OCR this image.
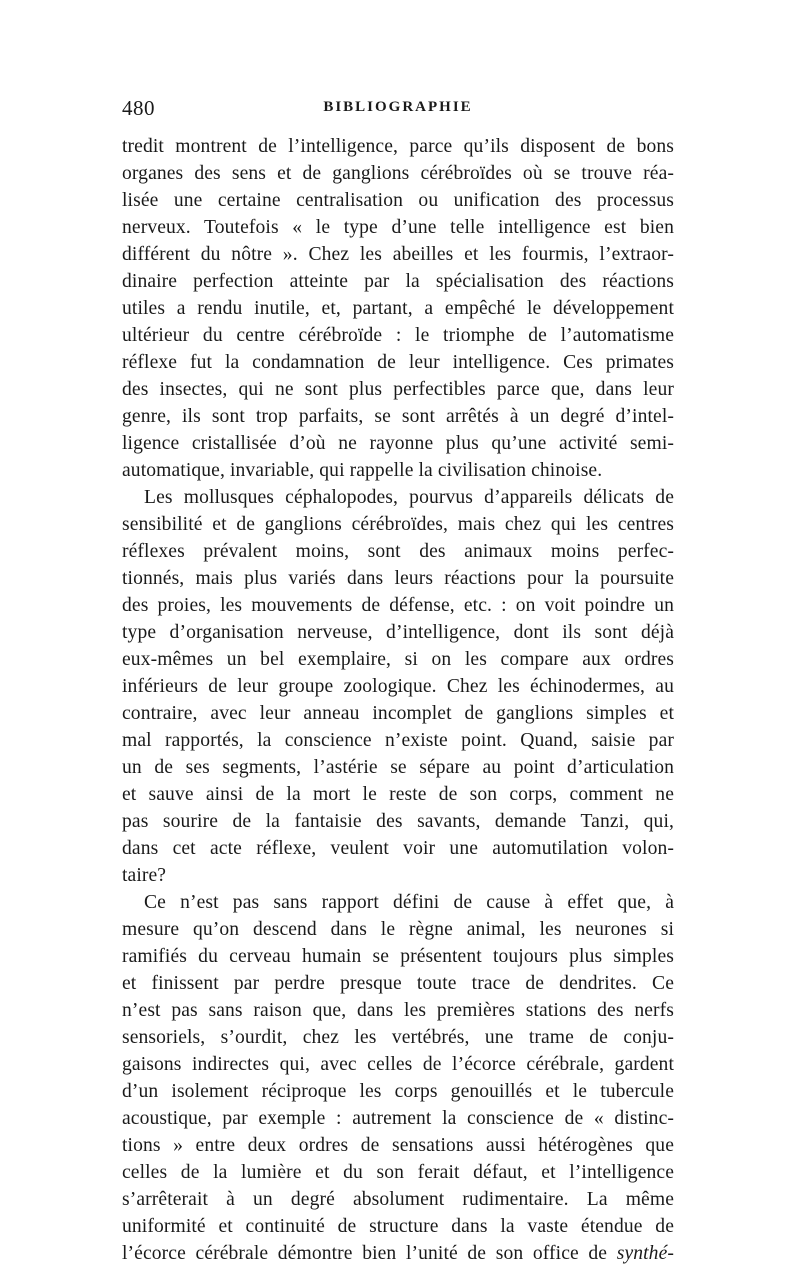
480	BIBLIOGRAPHIE
tredit montrent de l’intelligence, parce qu’ils disposent de bons
organes des sens et de ganglions cérébroïdes où se trouve réa-
lisée une certaine centralisation ou unification des processus
nerveux. Toutefois « le type d’une telle intelligence est bien
différent du nôtre ». Chez les abeilles et les fourmis, l’extraor-
dinaire perfection atteinte par la spécialisation des réactions
utiles a rendu inutile, et, partant, a empêché le développement
ultérieur du centre cérébroïde : le triomphe de l’automatisme
réflexe fut la condamnation de leur intelligence. Ces primates
des insectes, qui ne sont plus perfectibles parce que, dans leur
genre, ils sont trop parfaits, se sont arrêtés à un degré d’intel-
ligence cristallisée d’où ne rayonne plus qu’une activité semi-
automatique, invariable, qui rappelle la civilisation chinoise.
Les mollusques céphalopodes, pourvus d’appareils délicats de
sensibilité et de ganglions cérébroïdes, mais chez qui les centres
réflexes prévalent moins, sont des animaux moins perfec-
tionnés, mais plus variés dans leurs réactions pour la poursuite
des proies, les mouvements de défense, etc. : on voit poindre un
type d’organisation nerveuse, d’intelligence, dont ils sont déjà
eux-mêmes un bel exemplaire, si on les compare aux ordres
inférieurs de leur groupe zoologique. Chez les échinodermes, au
contraire, avec leur anneau incomplet de ganglions simples et
mal rapportés, la conscience n’existe point. Quand, saisie par
un de ses segments, l’astérie se sépare au point d’articulation
et sauve ainsi de la mort le reste de son corps, comment ne
pas sourire de la fantaisie des savants, demande Tanzi, qui,
dans cet acte réflexe, veulent voir une automutilation volon-
taire?
Ce n’est pas sans rapport défini de cause à effet que, à
mesure qu’on descend dans le règne animal, les neurones si
ramifiés du cerveau humain se présentent toujours plus simples
et finissent par perdre presque toute trace de dendrites. Ce
n’est pas sans raison que, dans les premières stations des nerfs
sensoriels, s’ourdit, chez les vertébrés, une trame de conju-
gaisons indirectes qui, avec celles de l’écorce cérébrale, gardent
d’un isolement réciproque les corps genouillés et le tubercule
acoustique, par exemple : autrement la conscience de « distinc-
tions » entre deux ordres de sensations aussi hétérogènes que
celles de la lumière et du son ferait défaut, et l’intelligence
s’arrêterait à un degré absolument rudimentaire. La même
uniformité et continuité de structure dans la vaste étendue de
l’écorce cérébrale démontre bien l’unité de son office de synthé-
